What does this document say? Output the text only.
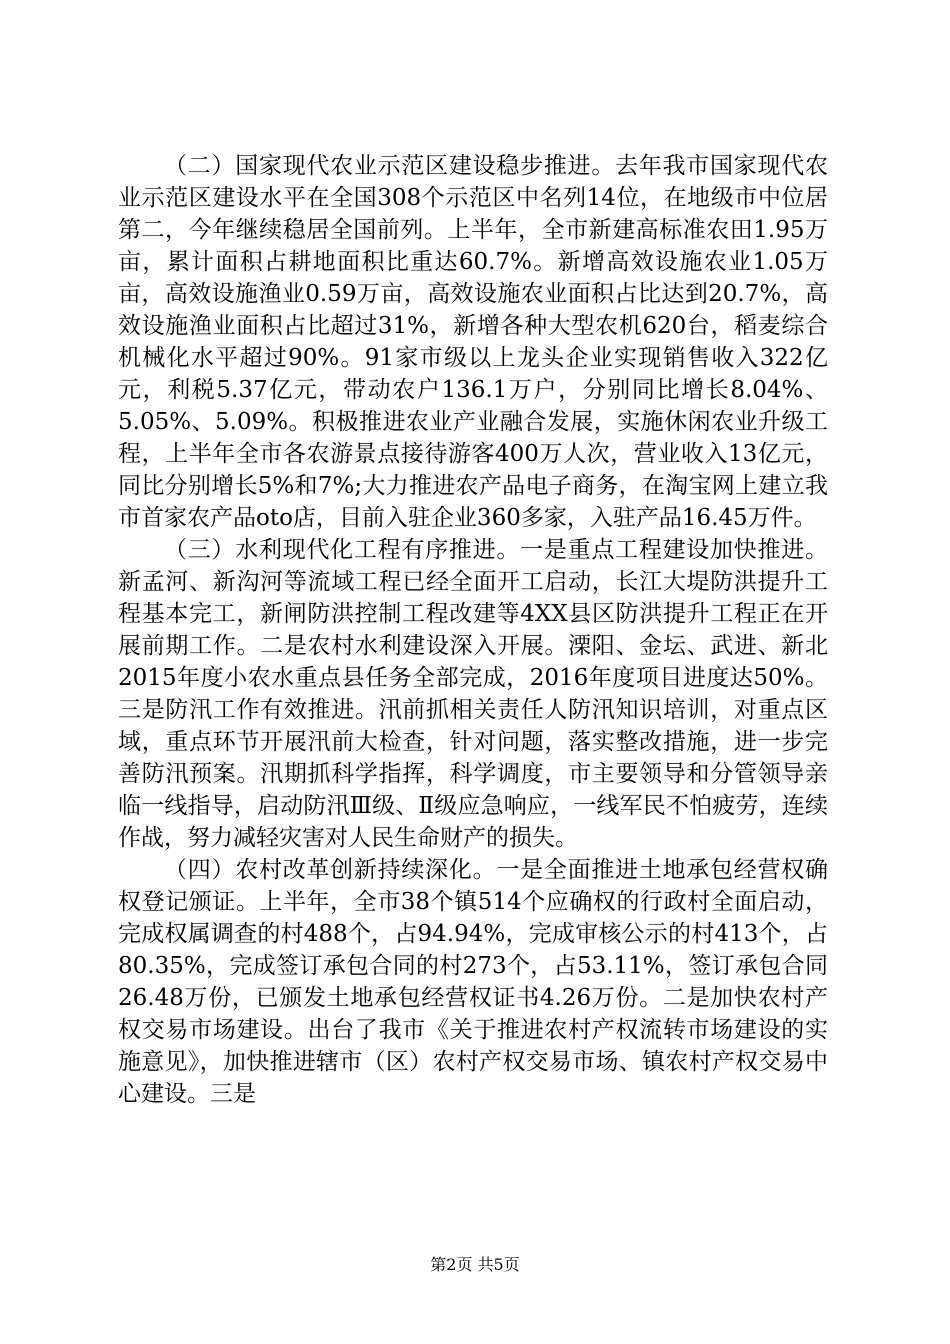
（二）国家现代农业示范区建设稳步推进。去年我市国家现代农业示范区建设水平在全国308个示范区中名列14位，在地级市中位居第二，今年继续稳居全国前列。上半年，全市新建高标准农田1.95万亩，累计面积占耕地面积比重达60.7%。新增高效设施农业1.05万亩，高效设施渔业0.59万亩，高效设施农业面积占比达到20.7%，高效设施渔业面积占比超过31%，新增各种大型农机620台，稻麦综合机械化水平超过90%。91家市级以上龙头企业实现销售收入322亿元，利税5.37亿元，带动农户136.1万户，分别同比增长8.04%、5.05%、5.09%。积极推进农业产业融合发展，实施休闲农业升级工程，上半年全市各农游景点接待游客400万人次，营业收入13亿元，同比分别增长5%和7%;大力推进农产品电子商务，在淘宝网上建立我市首家农产品oto店，目前入驻企业360多家，入驻产品16.45万件。

（三）水利现代化工程有序推进。一是重点工程建设加快推进。新孟河、新沟河等流域工程已经全面开工启动，长江大堤防洪提升工程基本完工，新闸防洪控制工程改建等4XX县区防洪提升工程正在开展前期工作。二是农村水利建设深入开展。溧阳、金坛、武进、新北2015年度小农水重点县任务全部完成，2016年度项目进度达50%。三是防汛工作有效推进。汛前抓相关责任人防汛知识培训，对重点区域，重点环节开展汛前大检查，针对问题，落实整改措施，进一步完善防汛预案。汛期抓科学指挥，科学调度，市主要领导和分管领导亲临一线指导，启动防汛Ⅲ级、Ⅱ级应急响应，一线军民不怕疲劳，连续作战，努力减轻灾害对人民生命财产的损失。

（四）农村改革创新持续深化。一是全面推进土地承包经营权确权登记颁证。上半年，全市38个镇514个应确权的行政村全面启动，完成权属调查的村488个，占94.94%，完成审核公示的村413个，占80.35%，完成签订承包合同的村273个，占53.11%，签订承包合同26.48万份，已颁发土地承包经营权证书4.26万份。二是加快农村产权交易市场建设。出台了我市《关于推进农村产权流转市场建设的实施意见》，加快推进辖市（区）农村产权交易市场、镇农村产权交易中心建设。三是

第2页 共5页
